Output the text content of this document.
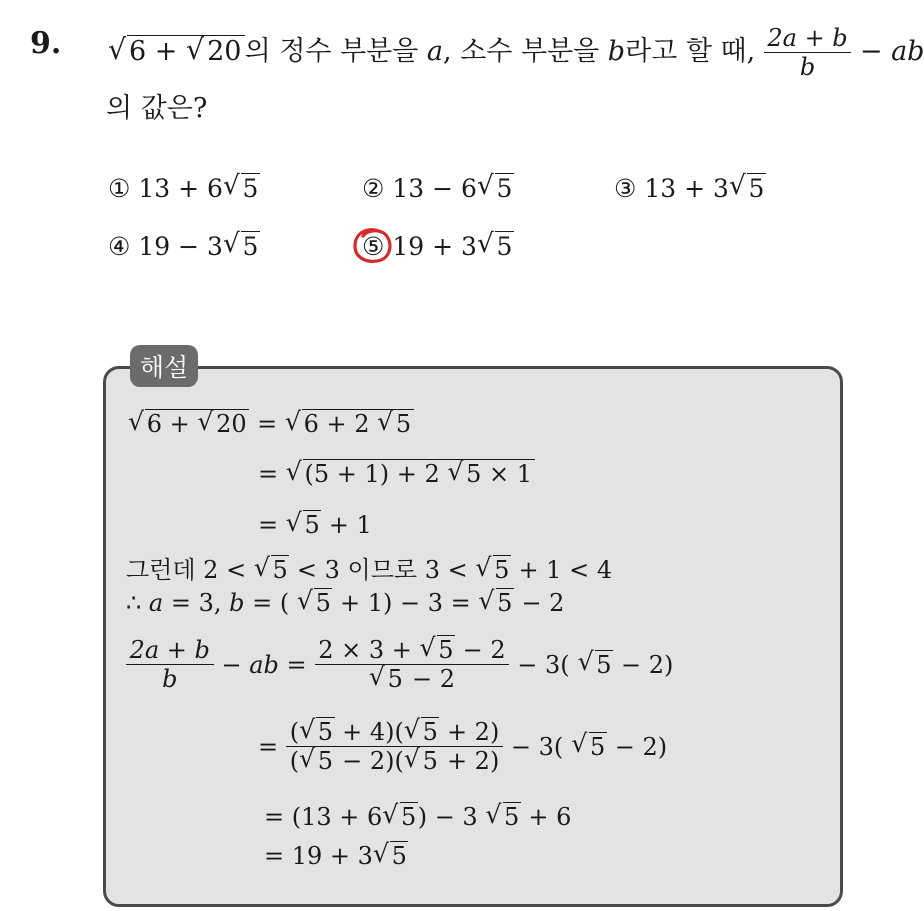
9. √ 6 + √ 20 의 정수 부분을 a, 소수 부분을 b라고 할 때, $\frac{2a + b}{b}$ − ab
의 값은?
① 13 + 6 √ 5	② 13 − 6 √ 5	③ 13 + 3 √ 5
④ 19 − 3 √ 5	⑤ 19 + 3 √ 5
해설
√ 6 + √ 20 = √ 6 + 2 √ 5
= √ (5 + 1) + 2 √ 5 × 1
= √ 5 + 1
그런데 2 < √ 5 < 3 이므로 3 < √ 5 + 1 < 4
∴ a = 3, b = ( √ 5 + 1) − 3 = √ 5 − 2
$\frac{2a + b}{b}$ − ab = $\frac{2 \times 3 + √ 5 - 2}{√ 5 - 2} - 3$( √ 5 − 2)
= $\frac{( √ 5 + 4)( √ 5 + 2)}{( √ 5 - 2)( √ 5 + 2)} - 3$( √ 5 − 2)
= (13 + 6 √ 5) − 3 √ 5 + 6
= 19 + 3 √ 5
